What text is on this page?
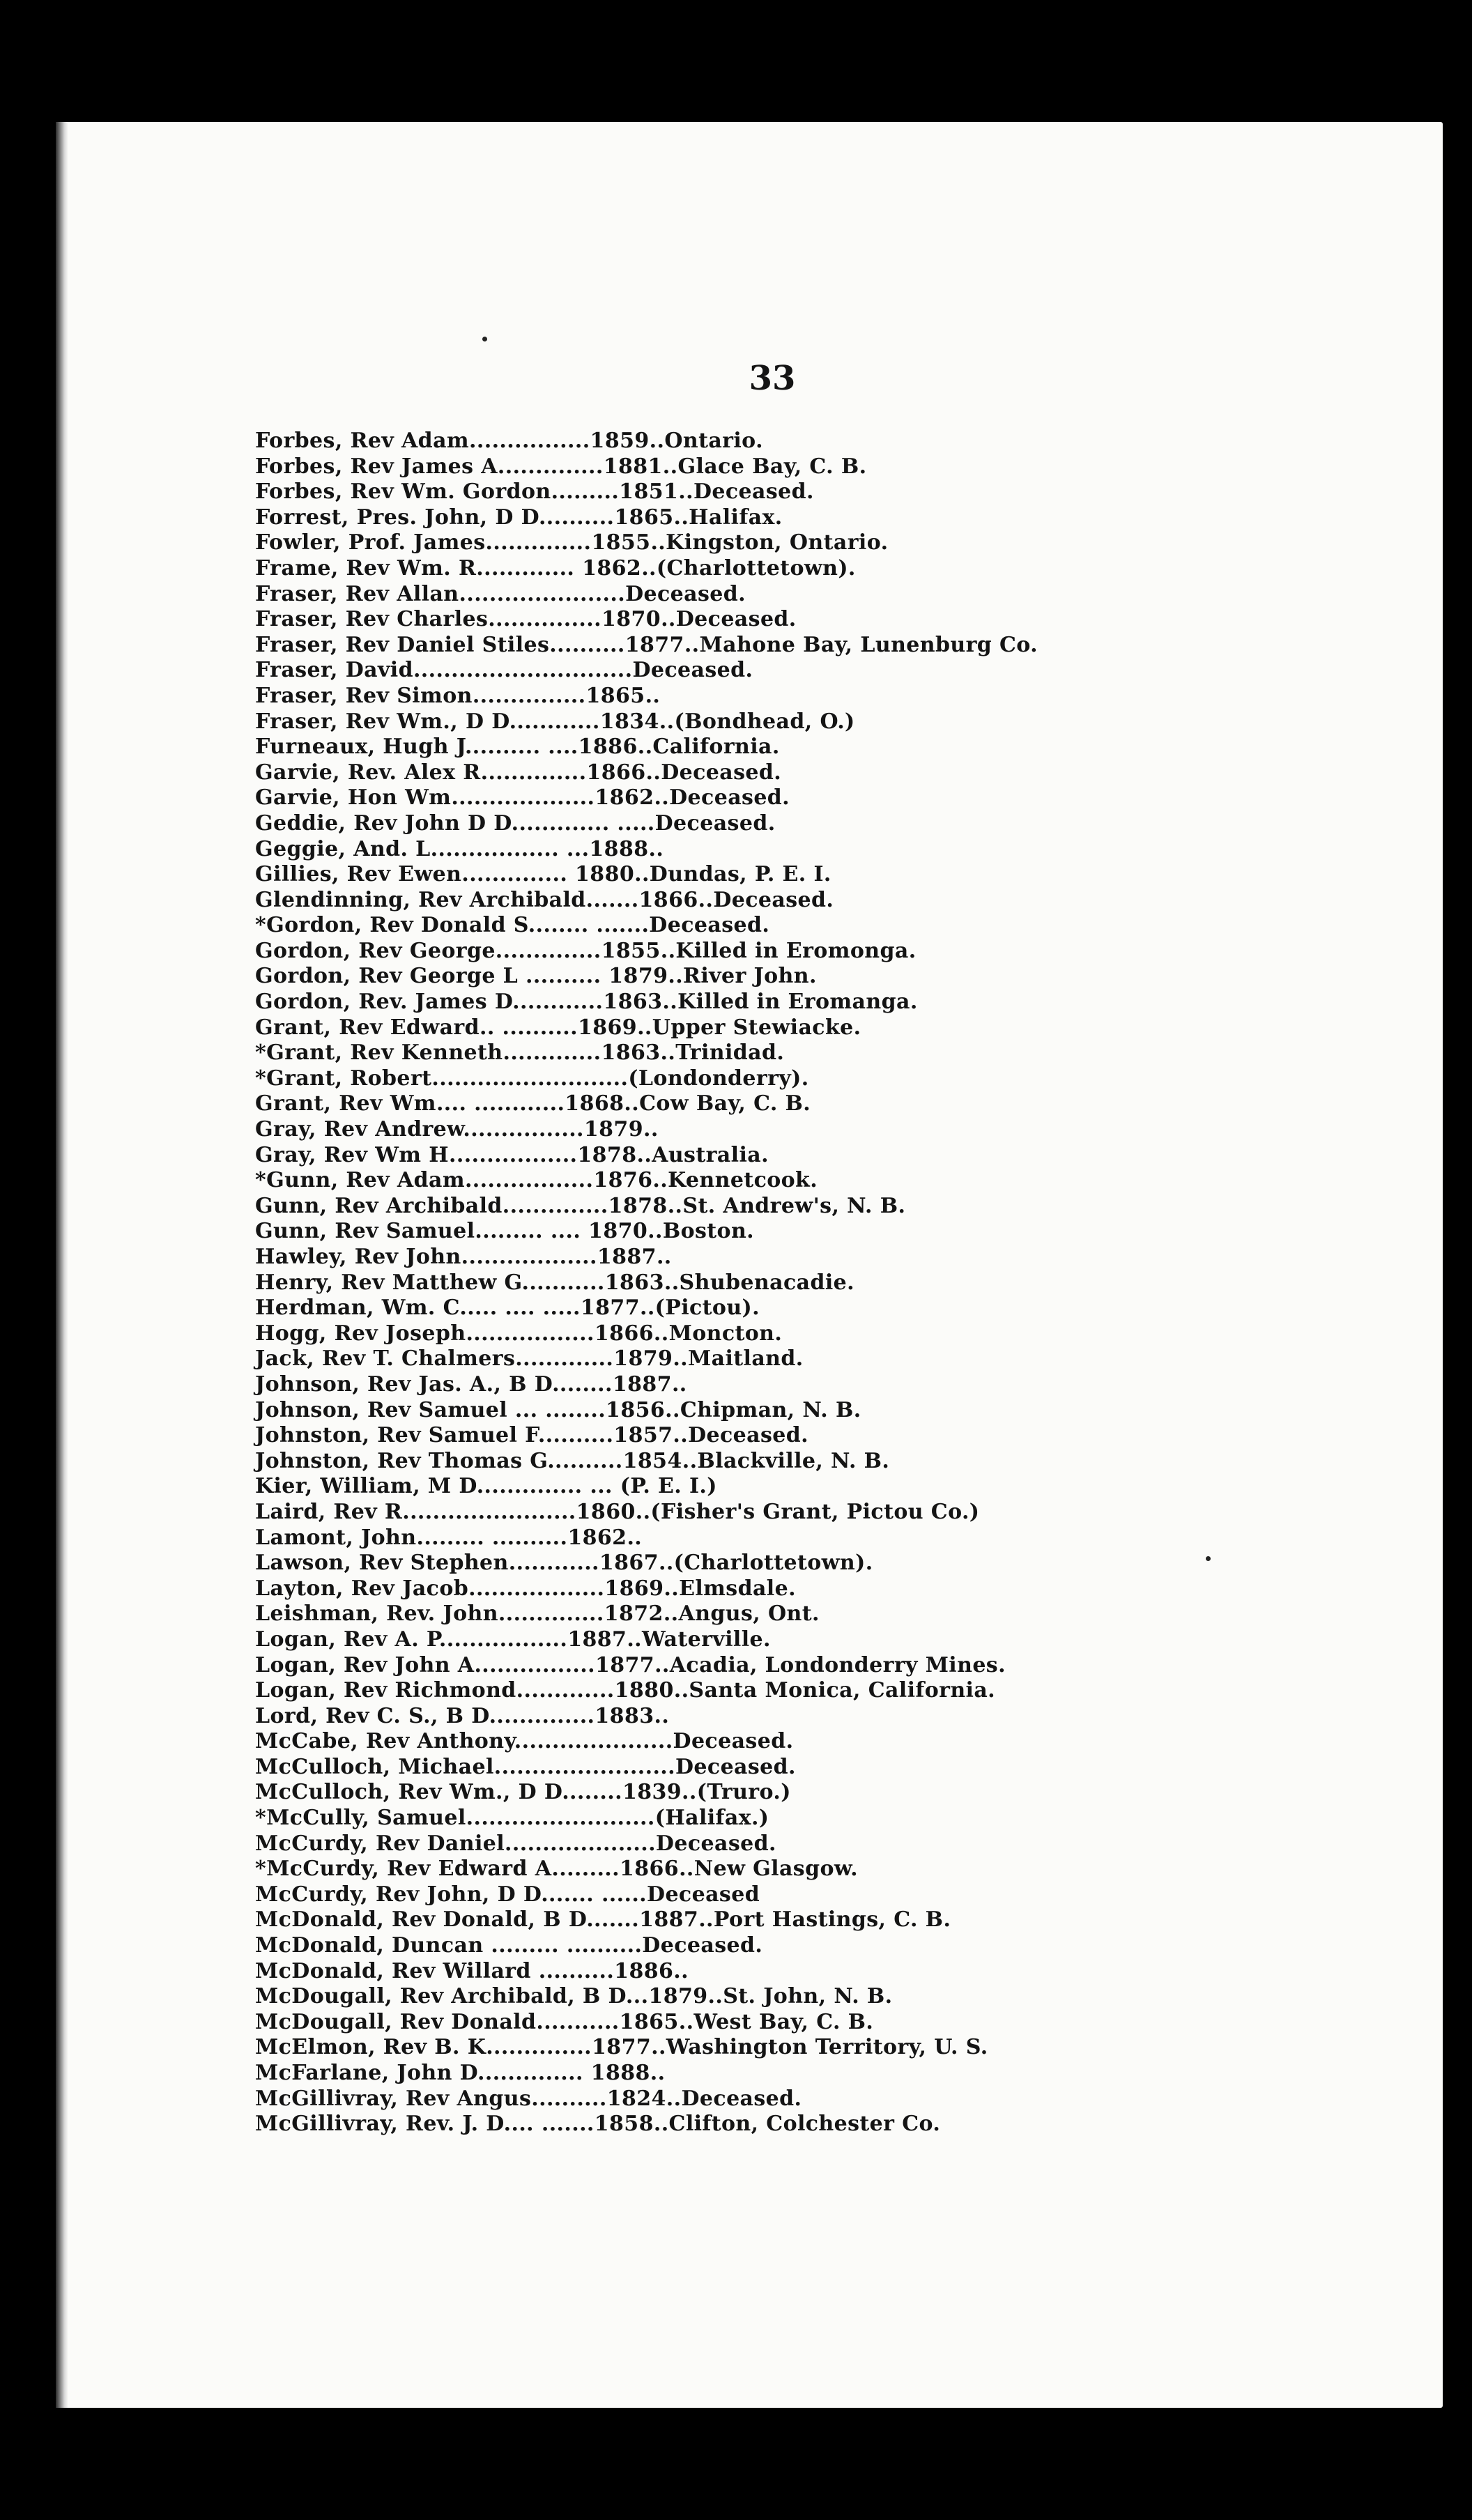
33
Forbes, Rev Adam................1859..Ontario.
Forbes, Rev James A..............1881..Glace Bay, C. B.
Forbes, Rev Wm. Gordon.........1851..Deceased.
Forrest, Pres. John, D D..........1865..Halifax.
Fowler, Prof. James..............1855..Kingston, Ontario.
Frame, Rev Wm. R............. 1862..(Charlottetown).
Fraser, Rev Allan......................Deceased.
Fraser, Rev Charles...............1870..Deceased.
Fraser, Rev Daniel Stiles..........1877..Mahone Bay, Lunenburg Co.
Fraser, David.............................Deceased.
Fraser, Rev Simon...............1865..
Fraser, Rev Wm., D D............1834..(Bondhead, O.)
Furneaux, Hugh J.......... ....1886..California.
Garvie, Rev. Alex R..............1866..Deceased.
Garvie, Hon Wm...................1862..Deceased.
Geddie, Rev John D D............. .....Deceased.
Geggie, And. L................. ...1888..
Gillies, Rev Ewen.............. 1880..Dundas, P. E. I.
Glendinning, Rev Archibald.......1866..Deceased.
*Gordon, Rev Donald S........ .......Deceased.
Gordon, Rev George..............1855..Killed in Eromonga.
Gordon, Rev George L .......... 1879..River John.
Gordon, Rev. James D............1863..Killed in Eromanga.
Grant, Rev Edward.. ..........1869..Upper Stewiacke.
*Grant, Rev Kenneth.............1863..Trinidad.
*Grant, Robert..........................(Londonderry).
Grant, Rev Wm.... ............1868..Cow Bay, C. B.
Gray, Rev Andrew................1879..
Gray, Rev Wm H.................1878..Australia.
*Gunn, Rev Adam.................1876..Kennetcook.
Gunn, Rev Archibald..............1878..St. Andrew's, N. B.
Gunn, Rev Samuel......... .... 1870..Boston.
Hawley, Rev John..................1887..
Henry, Rev Matthew G...........1863..Shubenacadie.
Herdman, Wm. C..... .... .....1877..(Pictou).
Hogg, Rev Joseph.................1866..Moncton.
Jack, Rev T. Chalmers.............1879..Maitland.
Johnson, Rev Jas. A., B D........1887..
Johnson, Rev Samuel ... ........1856..Chipman, N. B.
Johnston, Rev Samuel F..........1857..Deceased.
Johnston, Rev Thomas G..........1854..Blackville, N. B.
Kier, William, M D.............. ... (P. E. I.)
Laird, Rev R.......................1860..(Fisher's Grant, Pictou Co.)
Lamont, John......... ..........1862..
Lawson, Rev Stephen............1867..(Charlottetown).
Layton, Rev Jacob..................1869..Elmsdale.
Leishman, Rev. John..............1872..Angus, Ont.
Logan, Rev A. P.................1887..Waterville.
Logan, Rev John A................1877..Acadia, Londonderry Mines.
Logan, Rev Richmond.............1880..Santa Monica, California.
Lord, Rev C. S., B D..............1883..
McCabe, Rev Anthony.....................Deceased.
McCulloch, Michael........................Deceased.
McCulloch, Rev Wm., D D........1839..(Truro.)
*McCully, Samuel.........................(Halifax.)
McCurdy, Rev Daniel....................Deceased.
*McCurdy, Rev Edward A.........1866..New Glasgow.
McCurdy, Rev John, D D....... ......Deceased
McDonald, Rev Donald, B D.......1887..Port Hastings, C. B.
McDonald, Duncan ......... ..........Deceased.
McDonald, Rev Willard ..........1886..
McDougall, Rev Archibald, B D...1879..St. John, N. B.
McDougall, Rev Donald...........1865..West Bay, C. B.
McElmon, Rev B. K..............1877..Washington Territory, U. S.
McFarlane, John D.............. 1888..
McGillivray, Rev Angus..........1824..Deceased.
McGillivray, Rev. J. D.... .......1858..Clifton, Colchester Co.
